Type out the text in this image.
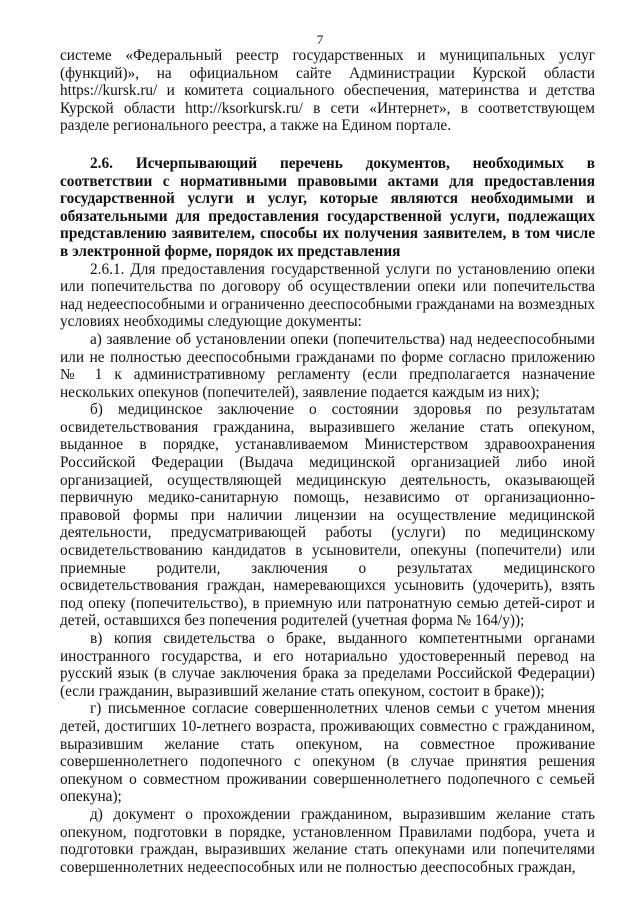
7

системе «Федеральный реестр государственных и муниципальных услуг (функций)», на официальном сайте Администрации Курской области https://kursk.ru/ и комитета социального обеспечения, материнства и детства Курской области http://ksorkursk.ru/ в сети «Интернет», в соответствующем разделе регионального реестра, а также на Едином портале.

2.6. Исчерпывающий перечень документов, необходимых в соответствии с нормативными правовыми актами для предоставления государственной услуги и услуг, которые являются необходимыми и обязательными для предоставления государственной услуги, подлежащих представлению заявителем, способы их получения заявителем, в том числе в электронной форме, порядок их представления

2.6.1. Для предоставления государственной услуги по установлению опеки или попечительства по договору об осуществлении опеки или попечительства над недееспособными и ограниченно дееспособными гражданами на возмездных условиях необходимы следующие документы:

а) заявление об установлении опеки (попечительства) над недееспособными или не полностью дееспособными гражданами по форме согласно приложению № 1 к административному регламенту (если предполагается назначение нескольких опекунов (попечителей), заявление подается каждым из них);

б) медицинское заключение о состоянии здоровья по результатам освидетельствования гражданина, выразившего желание стать опекуном, выданное в порядке, устанавливаемом Министерством здравоохранения Российской Федерации (Выдача медицинской организацией либо иной организацией, осуществляющей медицинскую деятельность, оказывающей первичную медико-санитарную помощь, независимо от организационно-правовой формы при наличии лицензии на осуществление медицинской деятельности, предусматривающей работы (услуги) по медицинскому освидетельствованию кандидатов в усыновители, опекуны (попечители) или приемные родители, заключения о результатах медицинского освидетельствования граждан, намеревающихся усыновить (удочерить), взять под опеку (попечительство), в приемную или патронатную семью детей-сирот и детей, оставшихся без попечения родителей (учетная форма № 164/у));

в) копия свидетельства о браке, выданного компетентными органами иностранного государства, и его нотариально удостоверенный перевод на русский язык (в случае заключения брака за пределами Российской Федерации) (если гражданин, выразивший желание стать опекуном, состоит в браке));

г) письменное согласие совершеннолетних членов семьи с учетом мнения детей, достигших 10-летнего возраста, проживающих совместно с гражданином, выразившим желание стать опекуном, на совместное проживание совершеннолетнего подопечного с опекуном (в случае принятия решения опекуном о совместном проживании совершеннолетнего подопечного с семьей опекуна);

д) документ о прохождении гражданином, выразившим желание стать опекуном, подготовки в порядке, установленном Правилами подбора, учета и подготовки граждан, выразивших желание стать опекунами или попечителями совершеннолетних недееспособных или не полностью дееспособных граждан,
